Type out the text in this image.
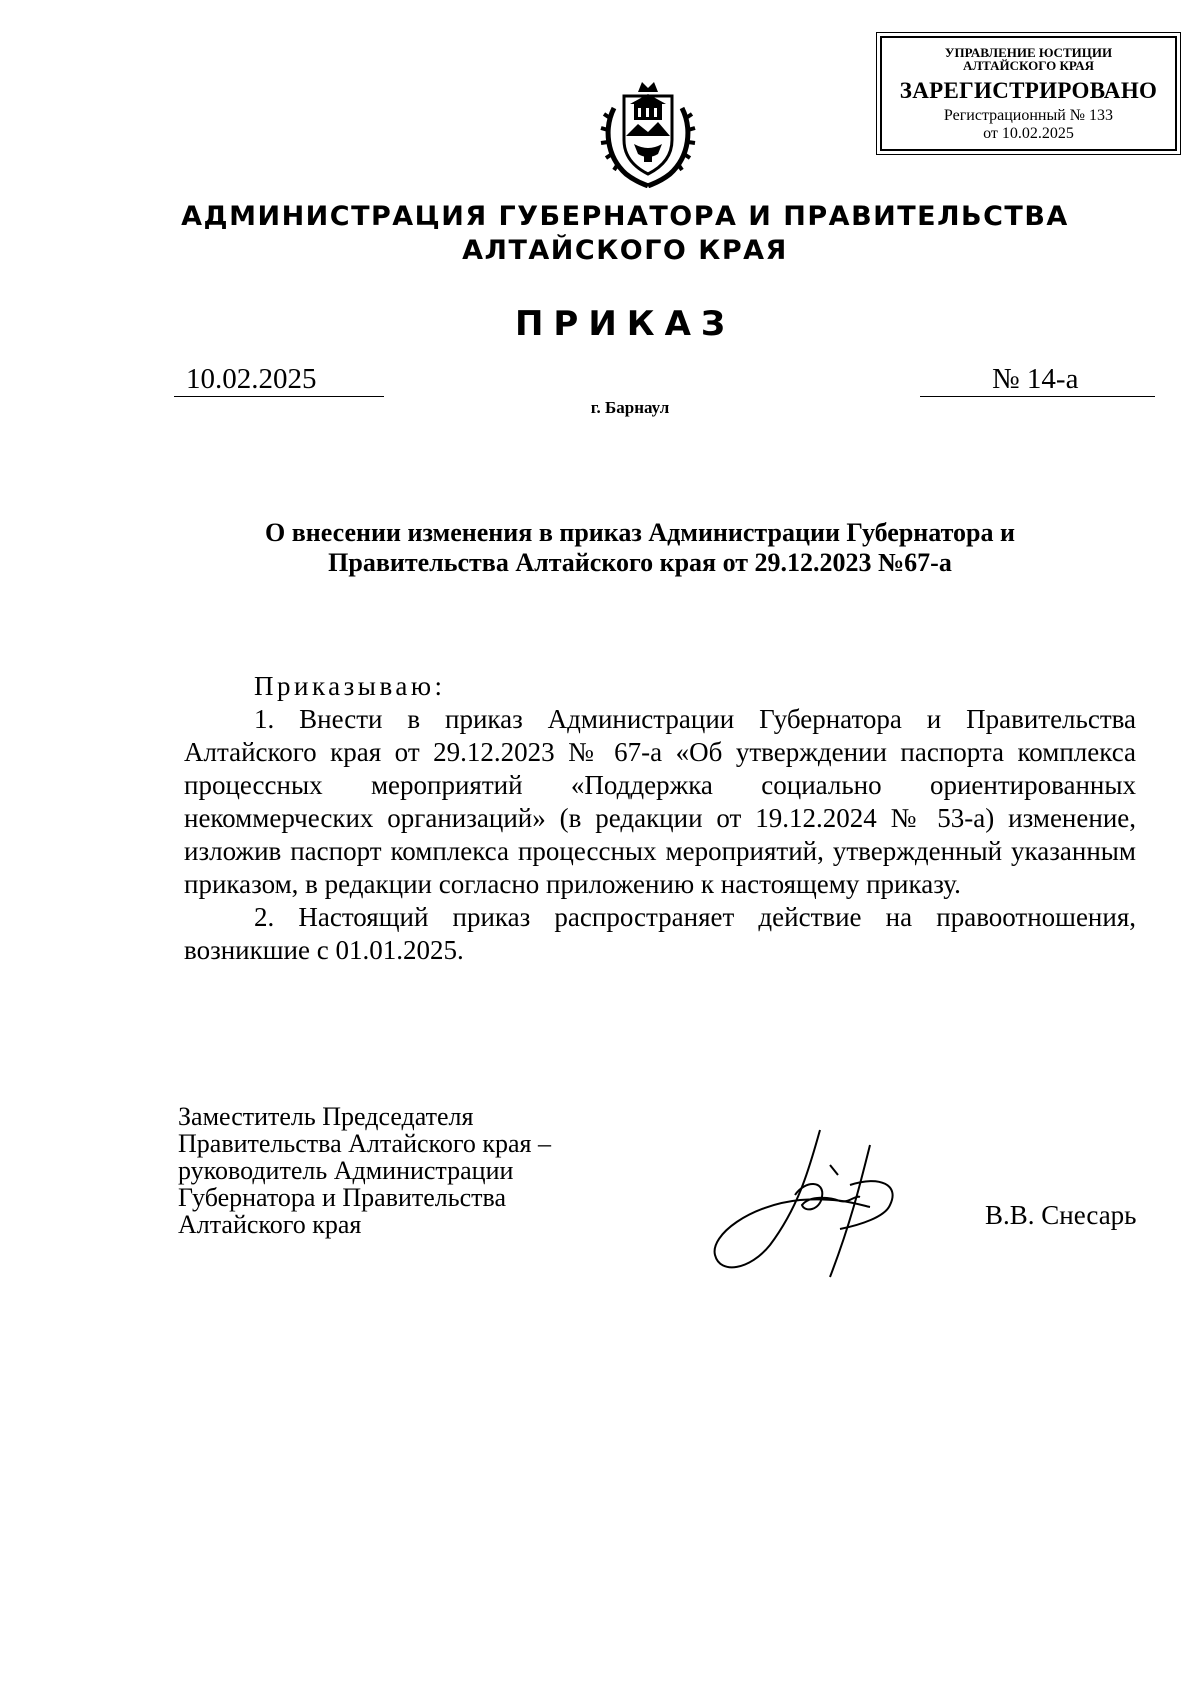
УПРАВЛЕНИЕ ЮСТИЦИИ
АЛТАЙСКОГО КРАЯ
ЗАРЕГИСТРИРОВАНО
Регистрационный № 133
от 10.02.2025
АДМИНИСТРАЦИЯ ГУБЕРНАТОРА И ПРАВИТЕЛЬСТВА
АЛТАЙСКОГО КРАЯ
ПРИКАЗ
10.02.2025	№ 14-а
г. Барнаул
О внесении изменения в приказ Администрации Губернатора и
Правительства Алтайского края от 29.12.2023 №67-а
Приказываю:

1. Внести в приказ Администрации Губернатора и Правительства Алтайского края от 29.12.2023 № 67-а «Об утверждении паспорта комплекса процессных мероприятий «Поддержка социально ориентированных некоммерческих организаций» (в редакции от 19.12.2024 № 53-а) изменение, изложив паспорт комплекса процессных мероприятий, утвержденный указанным приказом, в редакции согласно приложению к настоящему приказу.

2. Настоящий приказ распространяет действие на правоотношения, возникшие с 01.01.2025.

Заместитель Председателя
Правительства Алтайского края –
руководитель Администрации
Губернатора и Правительства
Алтайского края	В.В. Снесарь
